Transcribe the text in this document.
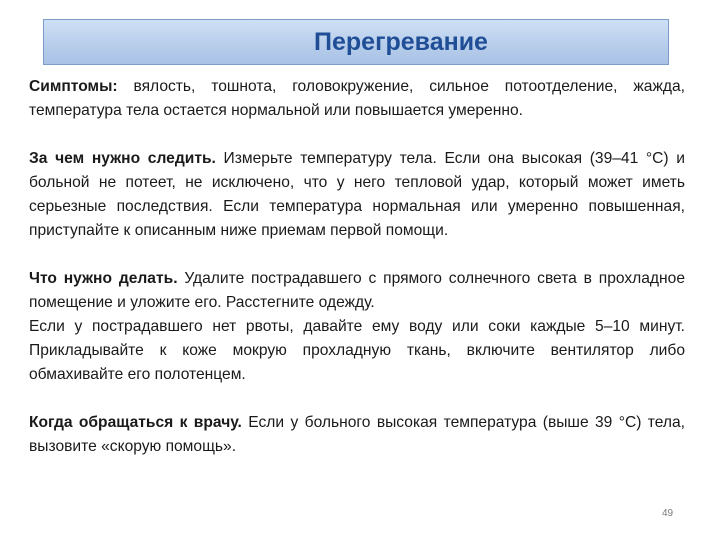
Перегревание

Симптомы: вялость, тошнота, головокружение, сильное потоотделение, жажда, температура тела остается нормальной или повышается умеренно.

За чем нужно следить. Измерьте температуру тела. Если она высокая (39–41 °С) и больной не потеет, не исключено, что у него тепловой удар, который может иметь серьезные последствия. Если температура нормальная или умеренно повышенная, приступайте к описанным ниже приемам первой помощи.

Что нужно делать. Удалите пострадавшего с прямого солнечного света в прохладное помещение и уложите его. Расстегните одежду.

Если у пострадавшего нет рвоты, давайте ему воду или соки каждые 5–10 минут. Прикладывайте к коже мокрую прохладную ткань, включите вентилятор либо обмахивайте его полотенцем.

Когда обращаться к врачу. Если у больного высокая температура (выше 39 °С) тела, вызовите «скорую помощь».

49
